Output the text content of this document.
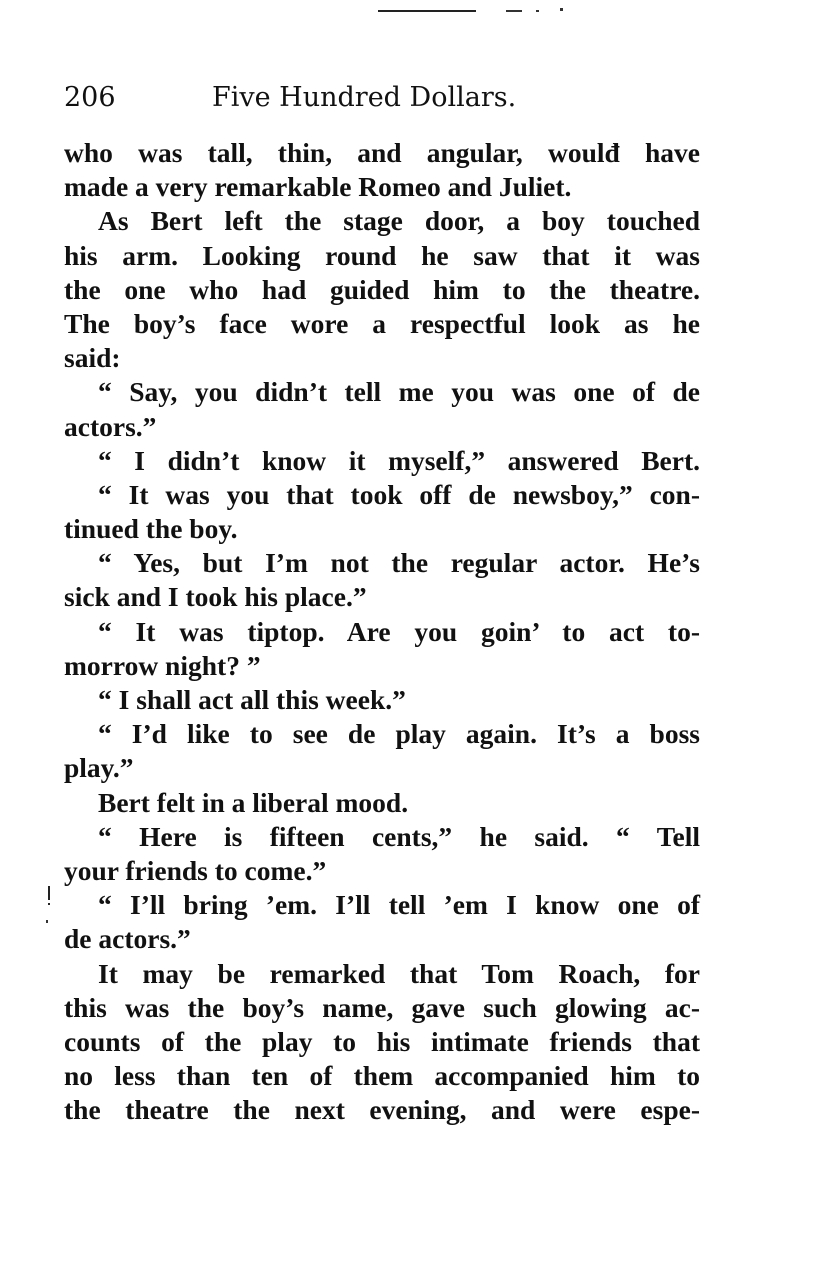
206	Five Hundred Dollars.
who was tall, thin, and angular, woulđ have
made a very remarkable Romeo and Juliet.
As Bert left the stage door, a boy touched
his arm. Looking round he saw that it was
the one who had guided him to the theatre.
The boy’s face wore a respectful look as he
said:
“ Say, you didn’t tell me you was one of de
actors.”
“ I didn’t know it myself,” answered Bert.
“ It was you that took off de newsboy,” con-
tinued the boy.
“ Yes, but I’m not the regular actor. He’s
sick and I took his place.”
“ It was tiptop. Are you goin’ to act to-
morrow night? ”
“ I shall act all this week.”
“ I’d like to see de play again. It’s a boss
play.”
Bert felt in a liberal mood.
“ Here is fifteen cents,” he said. “ Tell
your friends to come.”
“ I’ll bring ’em. I’ll tell ’em I know one of
de actors.”
It may be remarked that Tom Roach, for
this was the boy’s name, gave such glowing ac-
counts of the play to his intimate friends that
no less than ten of them accompanied him to
the theatre the next evening, and were espe-
